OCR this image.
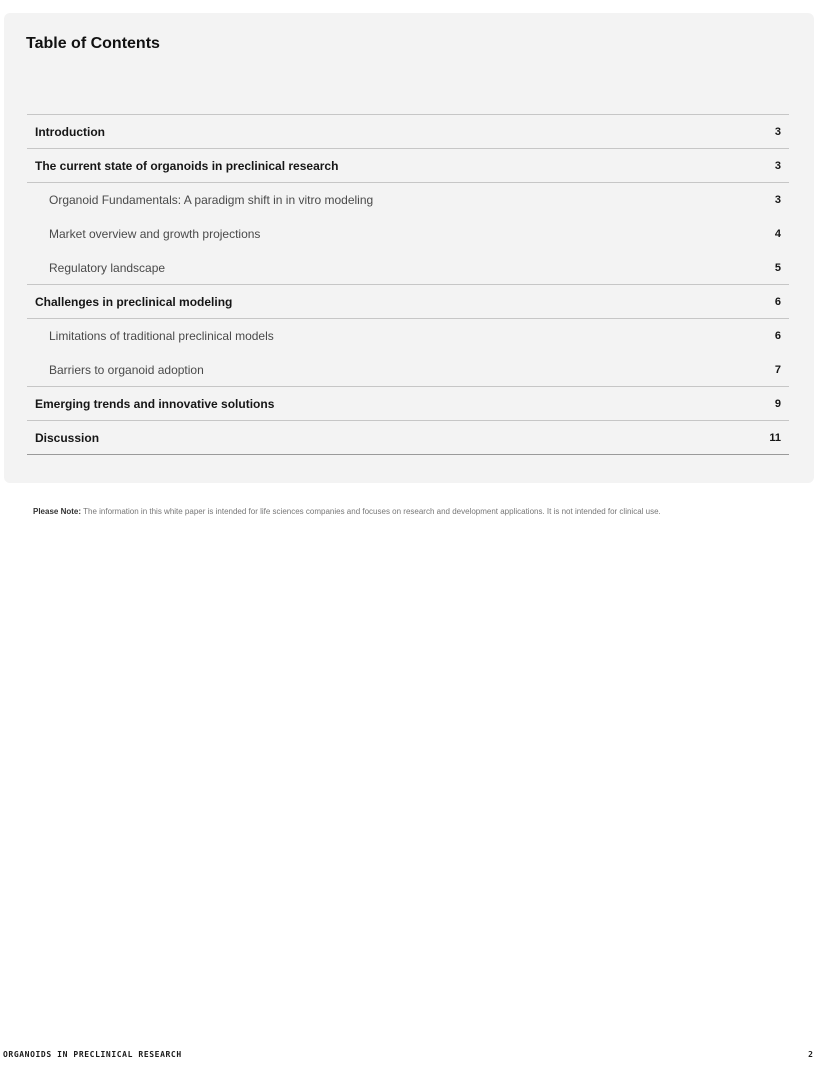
Table of Contents
Introduction	3
The current state of organoids in preclinical research	3
Organoid Fundamentals: A paradigm shift in in vitro modeling	3
Market overview and growth projections	4
Regulatory landscape	5
Challenges in preclinical modeling	6
Limitations of traditional preclinical models	6
Barriers to organoid adoption	7
Emerging trends and innovative solutions	9
Discussion	11
Please Note: The information in this white paper is intended for life sciences companies and focuses on research and development applications. It is not intended for clinical use.
ORGANOIDS IN PRECLINICAL RESEARCH	2
